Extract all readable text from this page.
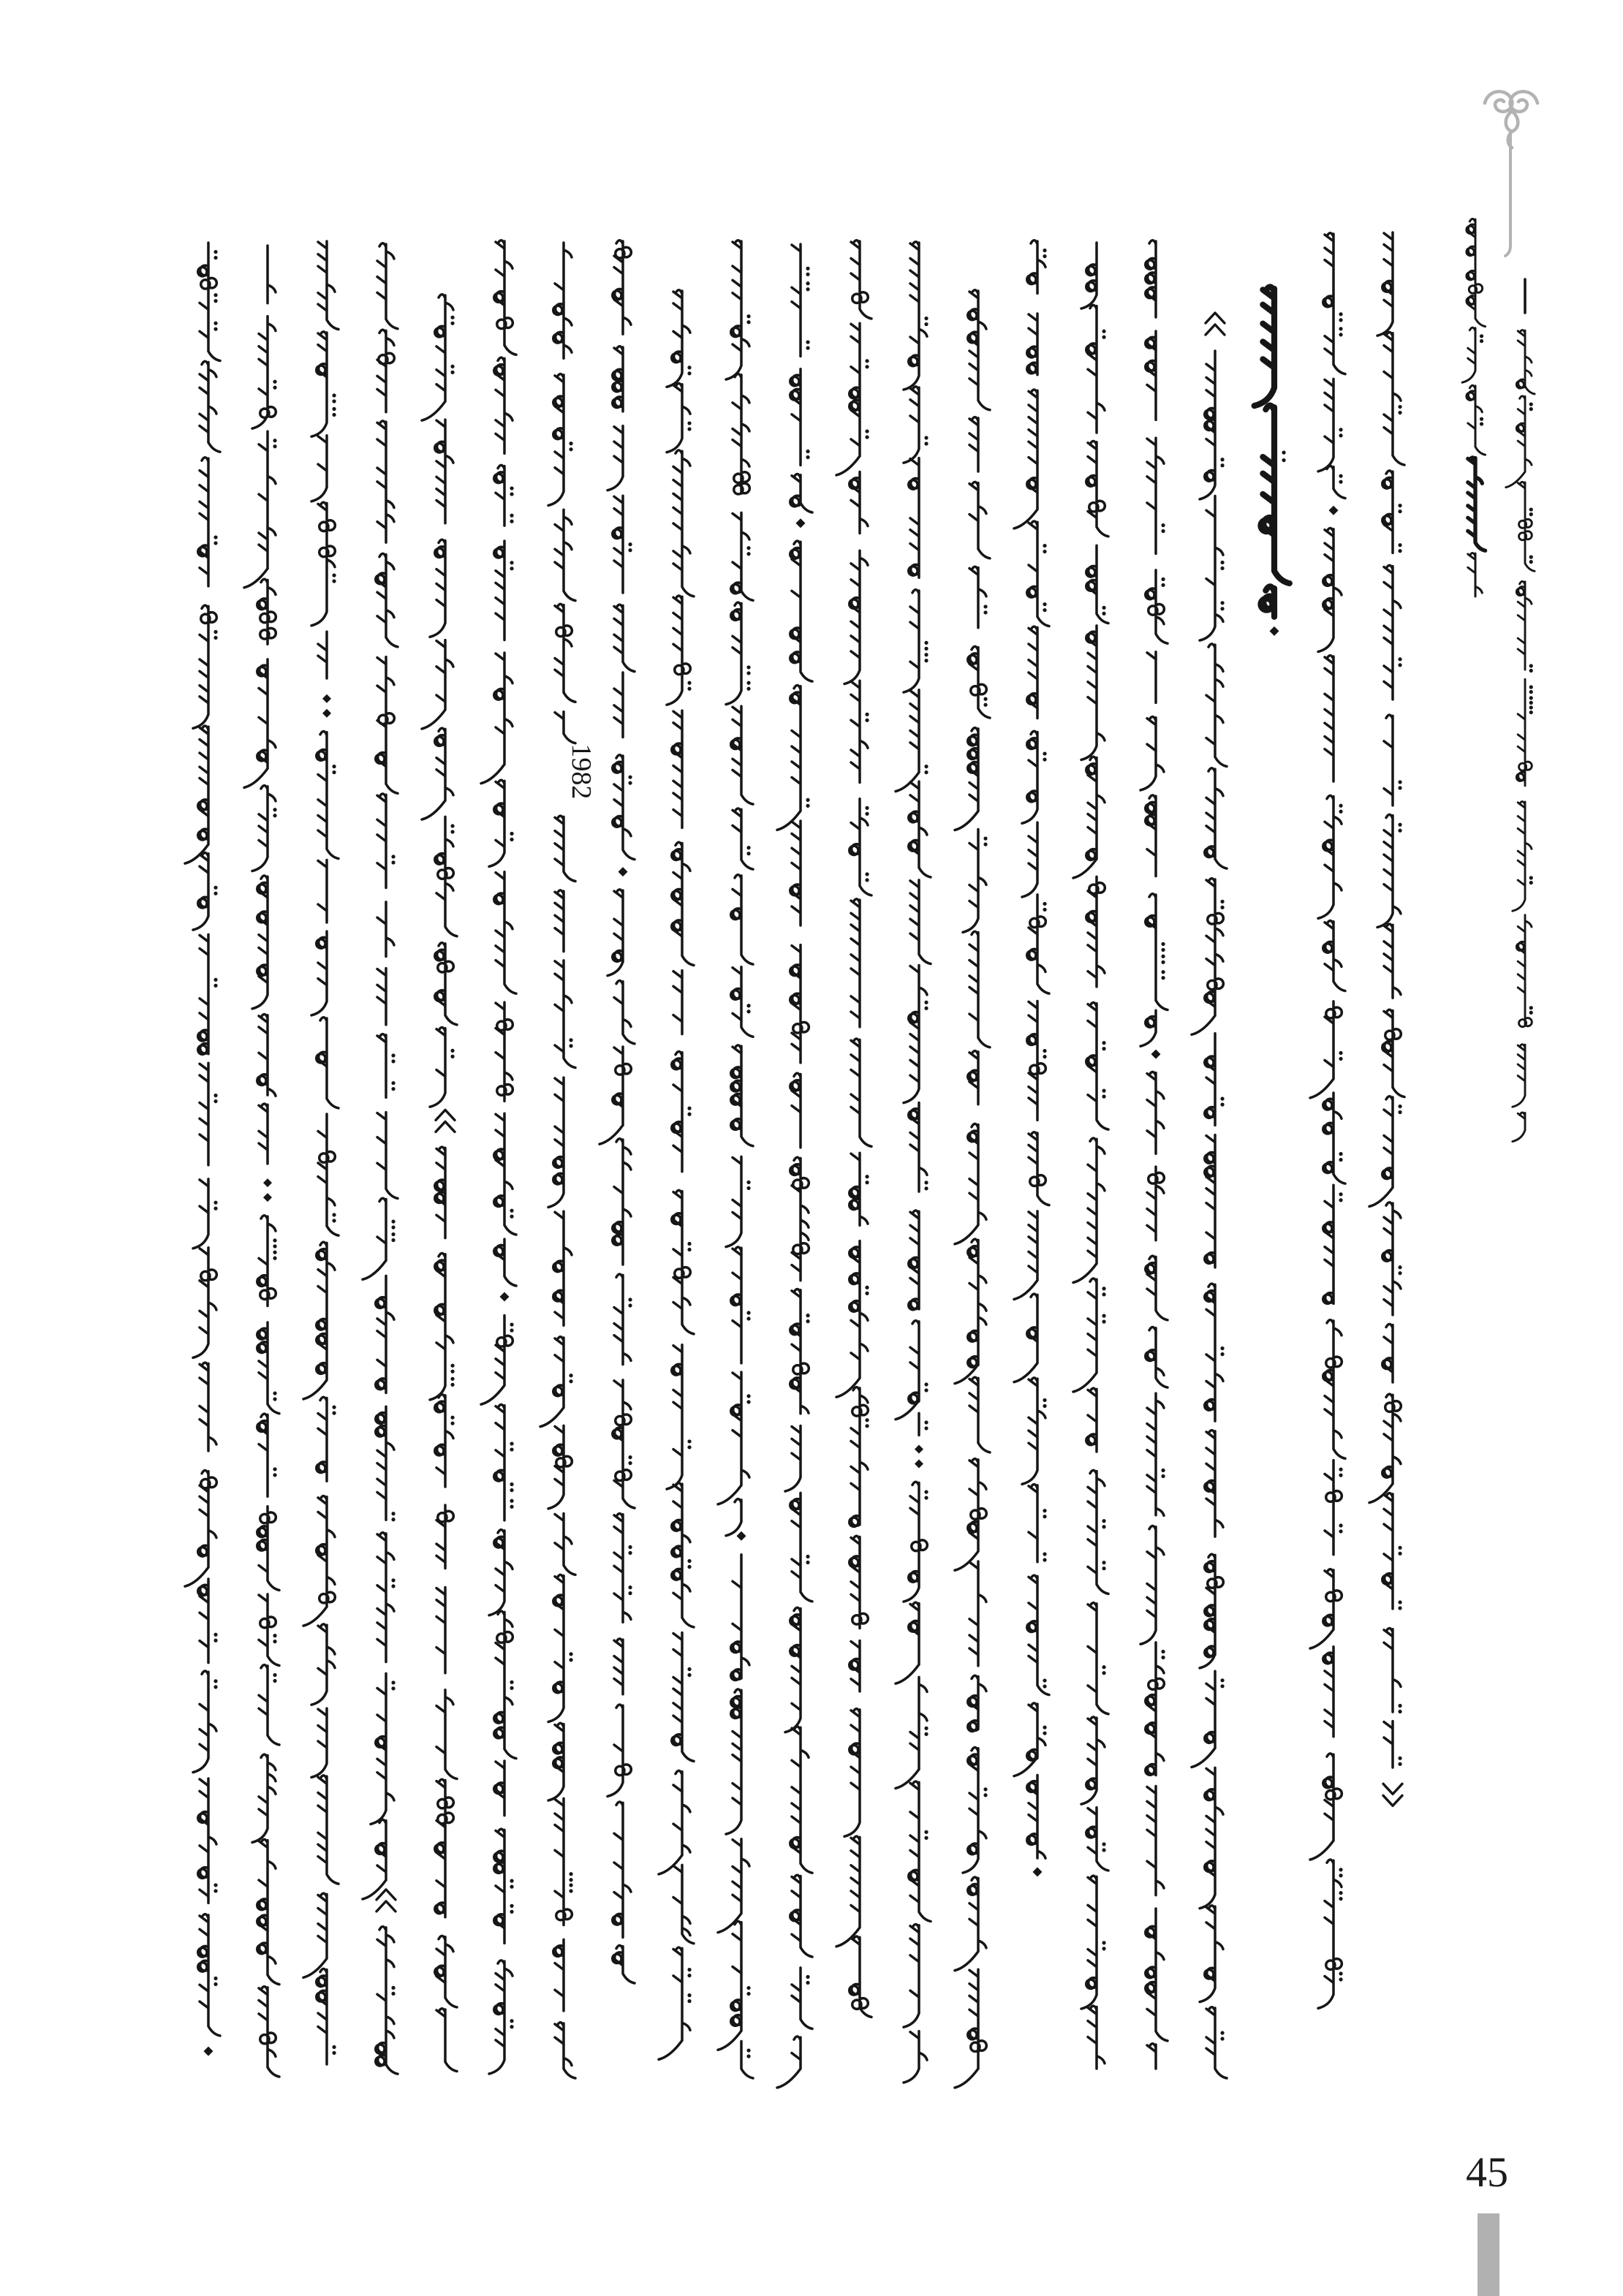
1982
45
